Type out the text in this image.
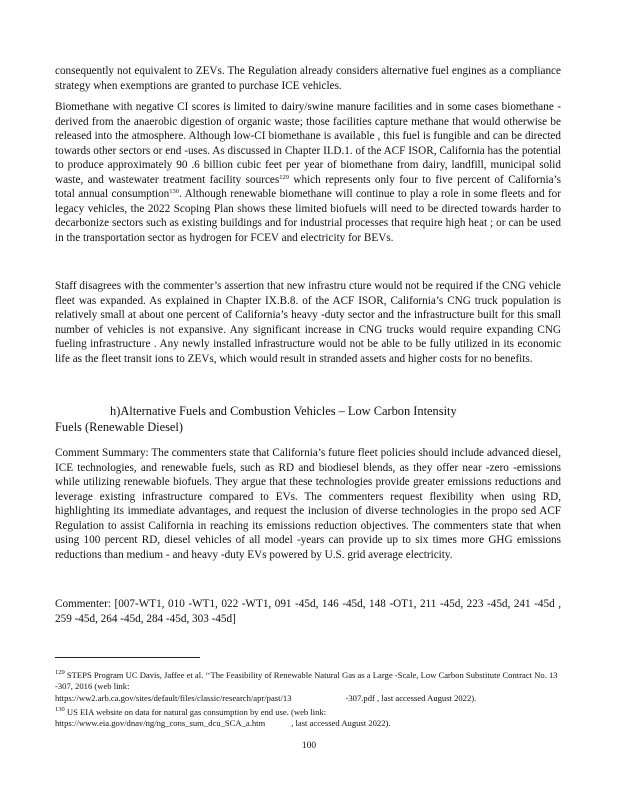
consequently not equivalent to ZEVs. The Regulation already considers alternative fuel engines as a compliance strategy when exemptions are granted to purchase ICE vehicles.

Biomethane with negative CI scores is limited to dairy/swine manure facilities and in some cases biomethane -derived from the anaerobic digestion of organic waste; those facilities capture methane that would otherwise be released into the atmosphere. Although low-CI biomethane is available , this fuel is fungible and can be directed towards other sectors or end -uses. As discussed in Chapter II.D.1. of the ACF ISOR, California has the potential to produce approximately 90 .6 billion cubic feet per year of biomethane from dairy, landfill, municipal solid waste, and wastewater treatment facility sources$^{129}$ which represents only four to five percent of California’s total annual consumption$^{130}$. Although renewable biomethane will continue to play a role in some fleets and for legacy vehicles, the 2022 Scoping Plan shows these limited biofuels will need to be directed towards harder to decarbonize sectors such as existing buildings and for industrial processes that require high heat ; or can be used in the transportation sector as hydrogen for FCEV and electricity for BEVs.

Staff disagrees with the commenter’s assertion that new infrastru cture would not be required if the CNG vehicle fleet was expanded. As explained in Chapter IX.B.8. of the ACF ISOR, California’s CNG truck population is relatively small at about one percent of California’s heavy -duty sector and the infrastructure built for this small number of vehicles is not expansive. Any significant increase in CNG trucks would require expanding CNG fueling infrastructure . Any newly installed infrastructure would not be able to be fully utilized in its economic life as the fleet transit ions to ZEVs, which would result in stranded assets and higher costs for no benefits.

h)Alternative Fuels and Combustion Vehicles – Low Carbon Intensity
Fuels (Renewable Diesel)

Comment Summary: The commenters state that California’s future fleet policies should include advanced diesel, ICE technologies, and renewable fuels, such as RD and biodiesel blends, as they offer near -zero -emissions while utilizing renewable biofuels. They argue that these technologies provide greater emissions reductions and leverage existing infrastructure compared to EVs. The commenters request flexibility when using RD, highlighting its immediate advantages, and request the inclusion of diverse technologies in the propo sed ACF Regulation to assist California in reaching its emissions reduction objectives. The commenters state that when using 100 percent RD, diesel vehicles of all model -years can provide up to six times more GHG emissions reductions than medium - and heavy -duty EVs powered by U.S. grid average electricity.

Commenter: [007-WT1, 010 -WT1, 022 -WT1, 091 -45d, 146 -45d, 148 -OT1, 211 -45d, 223 -45d, 241 -45d , 259 -45d, 264 -45d, 284 -45d, 303 -45d]

$^{129}$ STEPS Program UC Davis, Jaffee et al. ‘‘The Feasibility of Renewable Natural Gas as a Large -Scale, Low Carbon Substitute Contract No. 13 -307, 2016 (web link:

https://ww2.arb.ca.gov/sites/default/files/classic/research/apr/past/13	-307.pdf , last accessed August 2022).

$^{130}$ US EIA website on data for natural gas consumption by end use. (web link:

https://www.eia.gov/dnav/ng/ng_cons_sum_dcu_SCA_a.htm	, last accessed August 2022).

100
